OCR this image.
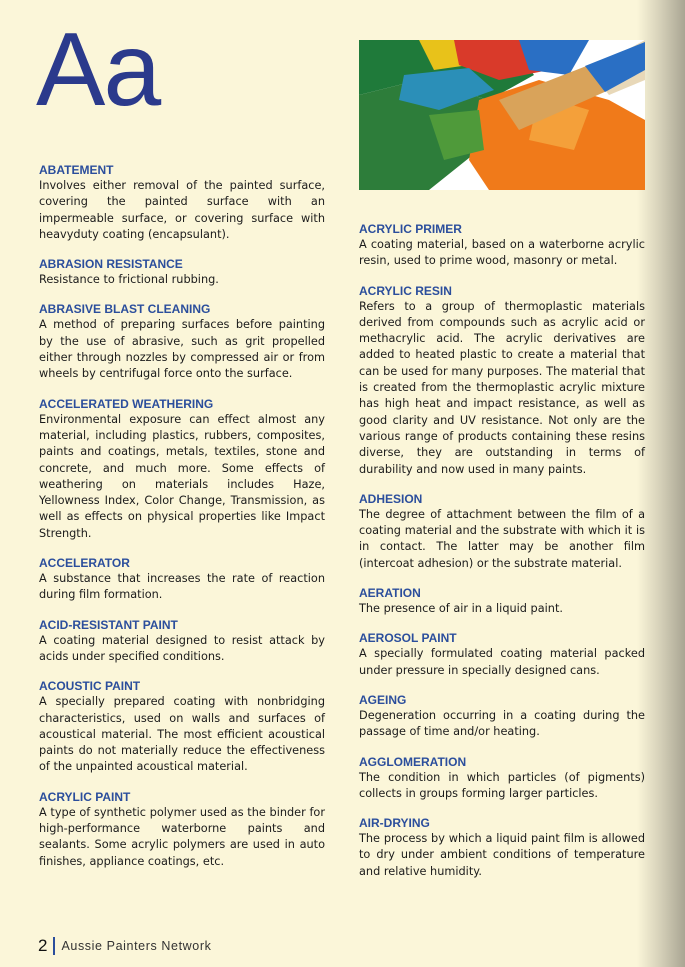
Aa
ABATEMENT
Involves either removal of the painted surface, covering the painted surface with an impermeable surface, or covering surface with heavyduty coating (encapsulant).
ABRASION RESISTANCE
Resistance to frictional rubbing.
ABRASIVE BLAST CLEANING
A method of preparing surfaces before painting by the use of abrasive, such as grit propelled either through nozzles by compressed air or from wheels by centrifugal force onto the surface.
ACCELERATED WEATHERING
Environmental exposure can effect almost any material, including plastics, rubbers, composites, paints and coatings, metals, textiles, stone and concrete, and much more. Some effects of weathering on materials includes Haze, Yellowness Index, Color Change, Transmission, as well as effects on physical properties like Impact Strength.
ACCELERATOR
A substance that increases the rate of reaction during film formation.
ACID-RESISTANT PAINT
A coating material designed to resist attack by acids under specified conditions.
ACOUSTIC PAINT
A specially prepared coating with nonbridging characteristics, used on walls and surfaces of acoustical material. The most efficient acoustical paints do not materially reduce the effectiveness of the unpainted acoustical material.
ACRYLIC PAINT
A type of synthetic polymer used as the binder for high-performance waterborne paints and sealants. Some acrylic polymers are used in auto finishes, appliance coatings, etc.
ACRYLIC PRIMER
A coating material, based on a waterborne acrylic resin, used to prime wood, masonry or metal.
ACRYLIC RESIN
Refers to a group of thermoplastic materials derived from compounds such as acrylic acid or methacrylic acid. The acrylic derivatives are added to heated plastic to create a material that can be used for many purposes. The material that is created from the thermoplastic acrylic mixture has high heat and impact resistance, as well as good clarity and UV resistance. Not only are the various range of products containing these resins diverse, they are outstanding in terms of durability and now used in many paints.
ADHESION
The degree of attachment between the film of a coating material and the substrate with which it is in contact. The latter may be another film (intercoat adhesion) or the substrate material.
AERATION
The presence of air in a liquid paint.
AEROSOL PAINT
A specially formulated coating material packed under pressure in specially designed cans.
AGEING
Degeneration occurring in a coating during the passage of time and/or heating.
AGGLOMERATION
The condition in which particles (of pigments) collects in groups forming larger particles.
AIR-DRYING
The process by which a liquid paint film is allowed to dry under ambient conditions of temperature and relative humidity.
2 Aussie Painters Network
